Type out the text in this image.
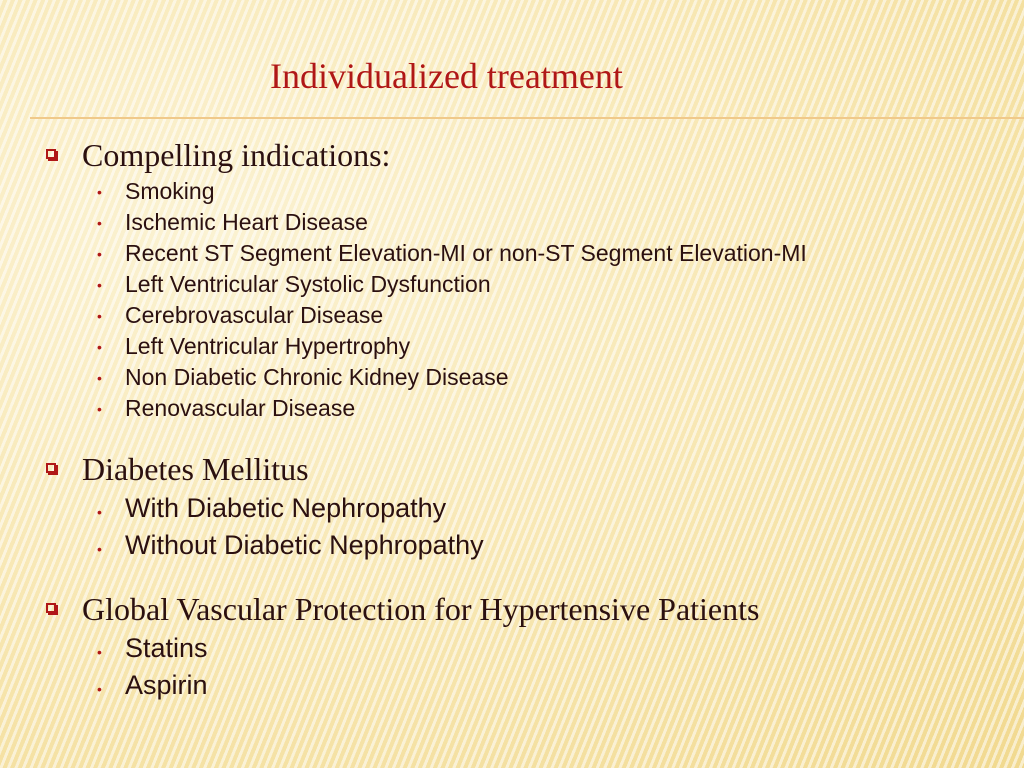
Individualized treatment
Compelling indications:
• Smoking
• Ischemic Heart Disease
• Recent ST Segment Elevation-MI or non-ST Segment Elevation-MI
• Left Ventricular Systolic Dysfunction
• Cerebrovascular Disease
• Left Ventricular Hypertrophy
• Non Diabetic Chronic Kidney Disease
• Renovascular Disease
Diabetes Mellitus
• With Diabetic Nephropathy
• Without Diabetic Nephropathy
Global Vascular Protection for Hypertensive Patients
• Statins
• Aspirin
